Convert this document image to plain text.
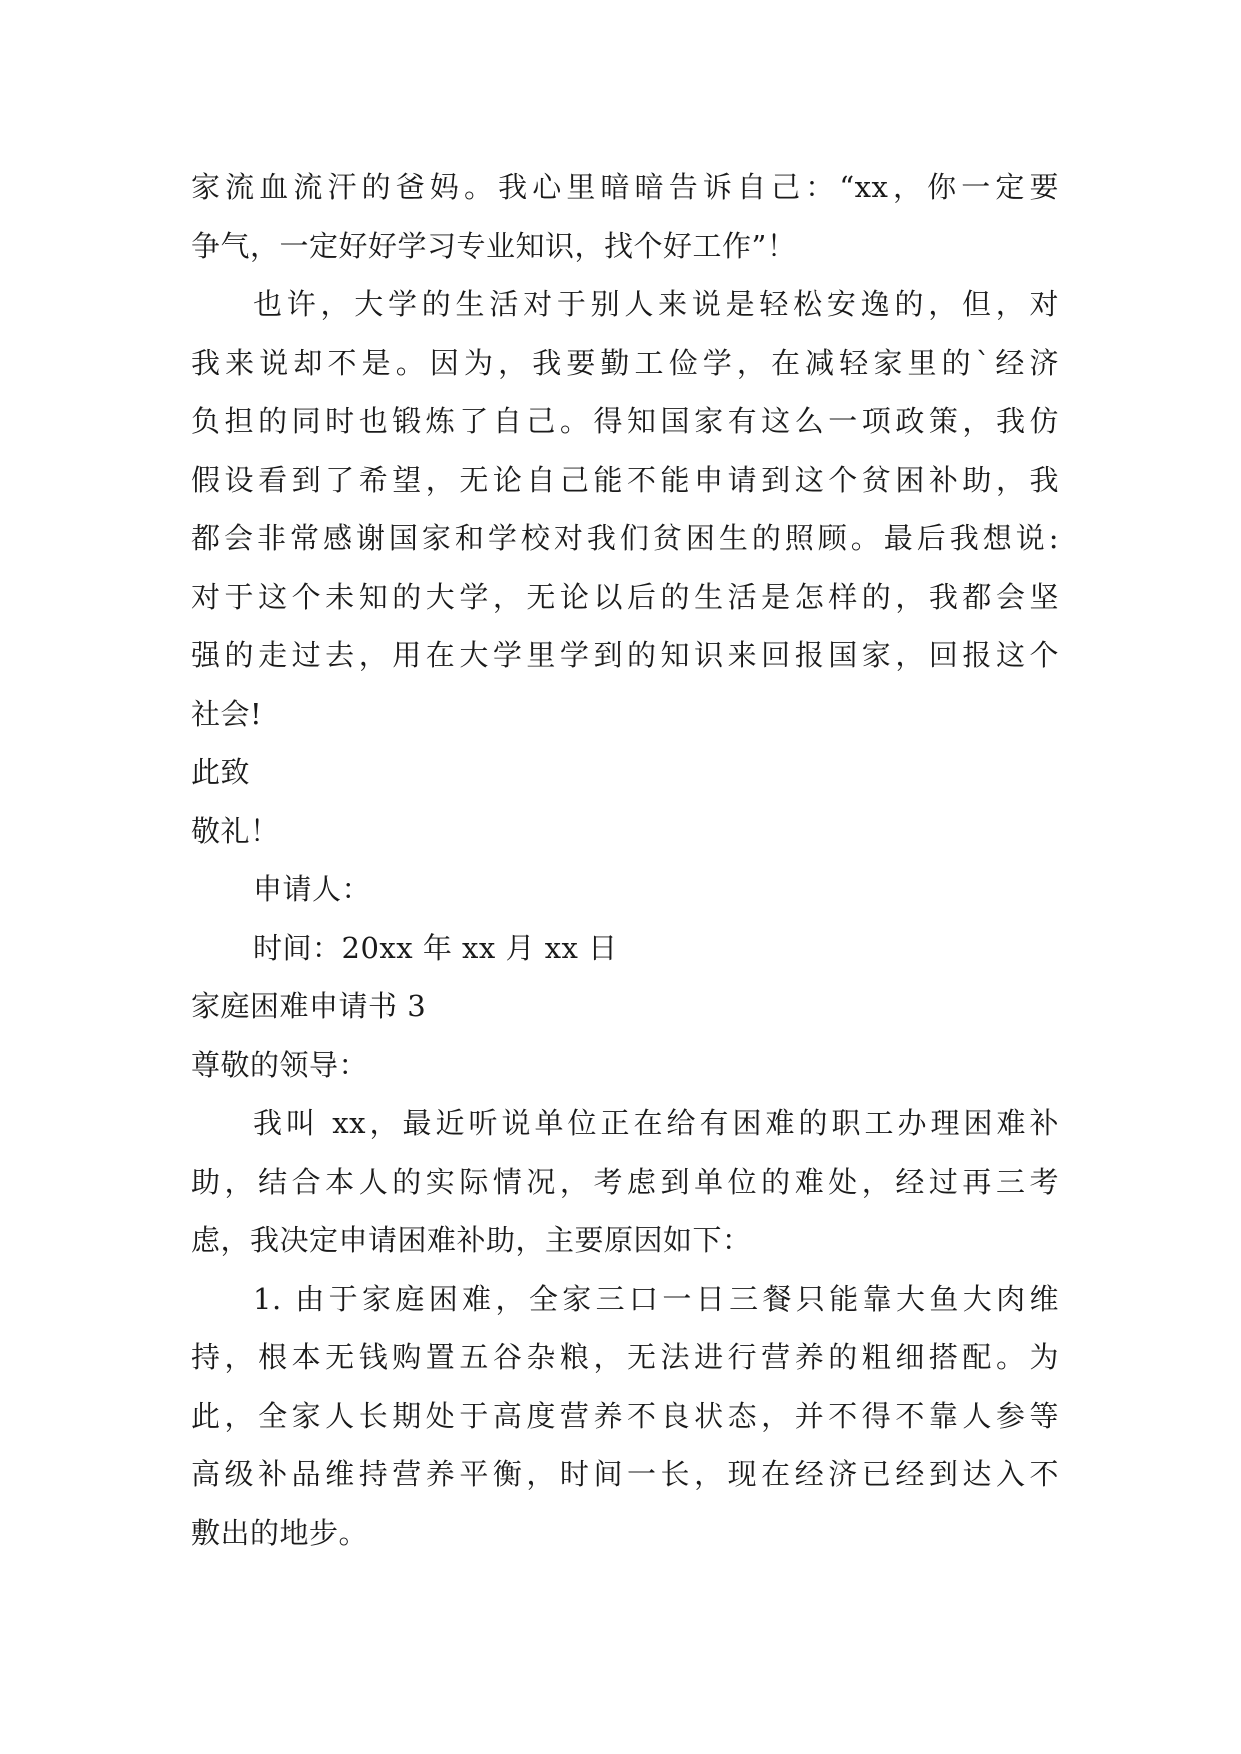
家流血流汗的爸妈。我心里暗暗告诉自己：“xx，你一定要
争气，一定好好学习专业知识，找个好工作”！
也许，大学的生活对于别人来说是轻松安逸的，但，对
我来说却不是。因为，我要勤工俭学，在减轻家里的`经济
负担的同时也锻炼了自己。得知国家有这么一项政策，我仿
假设看到了希望，无论自己能不能申请到这个贫困补助，我
都会非常感谢国家和学校对我们贫困生的照顾。最后我想说:
对于这个未知的大学，无论以后的生活是怎样的，我都会坚
强的走过去，用在大学里学到的知识来回报国家，回报这个
社会!
此致
敬礼！
申请人：
时间：20xx 年 xx 月 xx 日
家庭困难申请书 3
尊敬的领导：
我叫 xx，最近听说单位正在给有困难的职工办理困难补
助，结合本人的实际情况，考虑到单位的难处，经过再三考
虑，我决定申请困难补助，主要原因如下：
1. 由于家庭困难，全家三口一日三餐只能靠大鱼大肉维
持，根本无钱购置五谷杂粮，无法进行营养的粗细搭配。为
此，全家人长期处于高度营养不良状态，并不得不靠人参等
高级补品维持营养平衡，时间一长，现在经济已经到达入不
敷出的地步。
